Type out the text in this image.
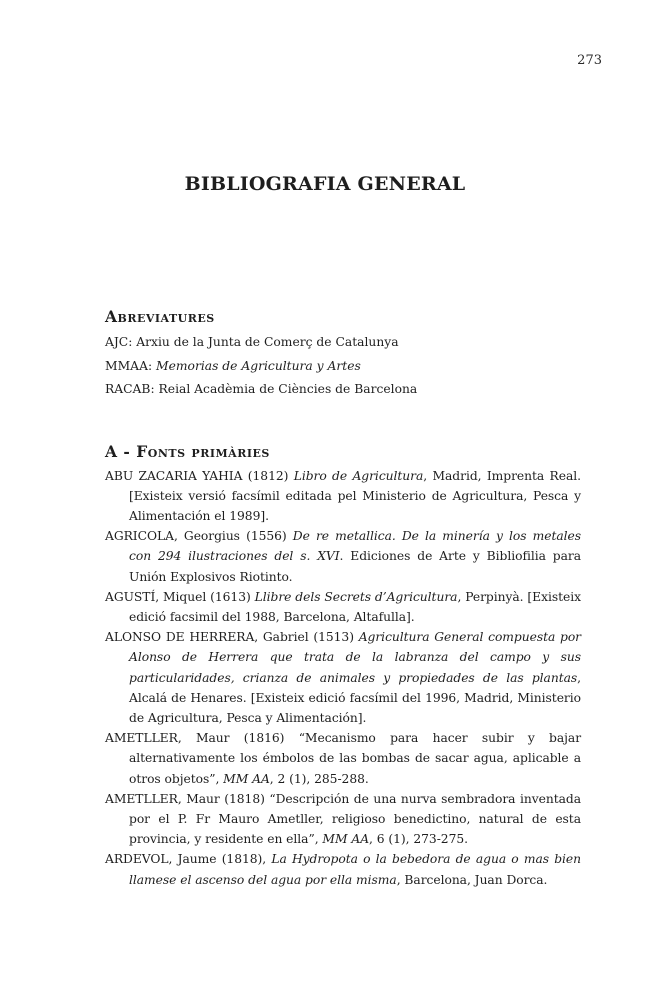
273
BIBLIOGRAFIA GENERAL
Abreviatures

AJC: Arxiu de la Junta de Comerç de Catalunya

MMAA: Memorias de Agricultura y Artes

RACAB: Reial Acadèmia de Ciències de Barcelona

A - Fonts primàries

ABU ZACARIA YAHIA (1812) Libro de Agricultura, Madrid, Imprenta Real. [Existeix versió facsímil editada pel Ministerio de Agricultura, Pesca y Alimentación el 1989].

AGRICOLA, Georgius (1556) De re metallica. De la minería y los metales con 294 ilustraciones del s. XVI. Ediciones de Arte y Bibliofilia para Unión Explosivos Riotinto.

AGUSTÍ, Miquel (1613) Llibre dels Secrets d’Agricultura, Perpinyà. [Existeix edició facsimil del 1988, Barcelona, Altafulla].

ALONSO DE HERRERA, Gabriel (1513) Agricultura General compuesta por Alonso de Herrera que trata de la labranza del campo y sus particularidades, crianza de animales y propiedades de las plantas, Alcalá de Henares. [Existeix edició facsímil del 1996, Madrid, Ministerio de Agricultura, Pesca y Alimentación].

AMETLLER, Maur (1816) “Mecanismo para hacer subir y bajar alternativamente los émbolos de las bombas de sacar agua, aplicable a otros objetos”, MM AA, 2 (1), 285-288.

AMETLLER, Maur (1818) “Descripción de una nurva sembradora inventada por el P. Fr Mauro Ametller, religioso benedictino, natural de esta provincia, y residente en ella”, MM AA, 6 (1), 273-275.

ARDEVOL, Jaume (1818), La Hydropota o la bebedora de agua o mas bien llamese el ascenso del agua por ella misma, Barcelona, Juan Dorca.
